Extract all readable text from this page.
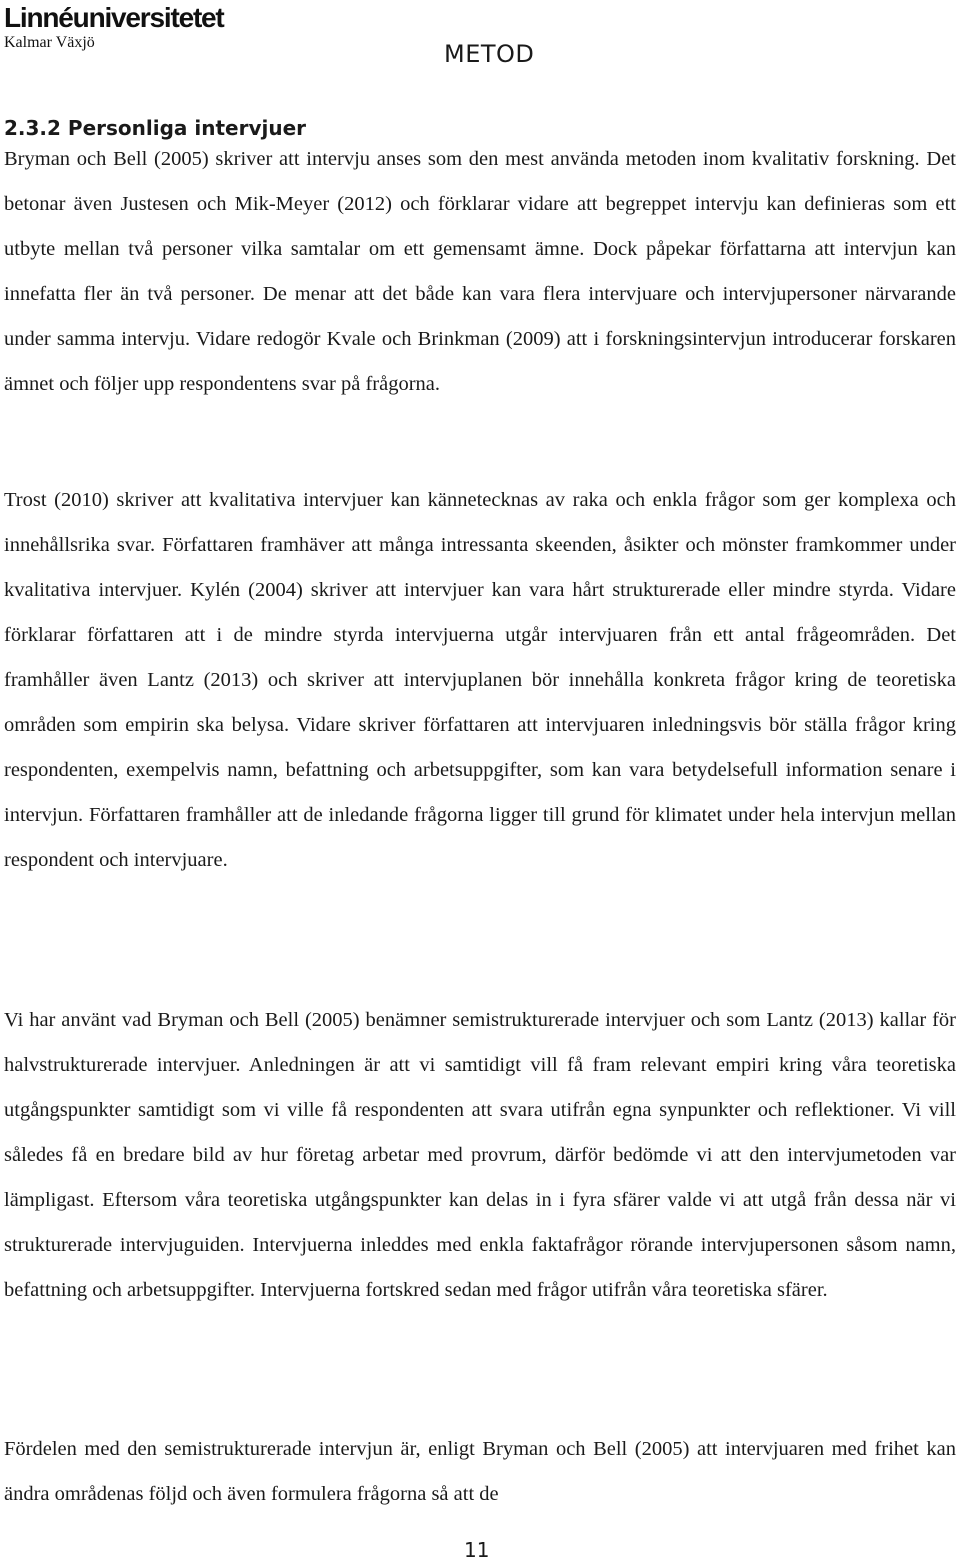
Linnéuniversitetet
Kalmar Växjö	METOD
2.3.2 Personliga intervjuer

Bryman och Bell (2005) skriver att intervju anses som den mest använda metoden inom kvalitativ forskning. Det betonar även Justesen och Mik-Meyer (2012) och förklarar vidare att begreppet intervju kan definieras som ett utbyte mellan två personer vilka samtalar om ett gemensamt ämne. Dock påpekar författarna att intervjun kan innefatta fler än två personer. De menar att det både kan vara flera intervjuare och intervjupersoner närvarande under samma intervju. Vidare redogör Kvale och Brinkman (2009) att i forskningsintervjun introducerar forskaren ämnet och följer upp respondentens svar på frågorna.

Trost (2010) skriver att kvalitativa intervjuer kan kännetecknas av raka och enkla frågor som ger komplexa och innehållsrika svar. Författaren framhäver att många intressanta skeenden, åsikter och mönster framkommer under kvalitativa intervjuer. Kylén (2004) skriver att intervjuer kan vara hårt strukturerade eller mindre styrda. Vidare förklarar författaren att i de mindre styrda intervjuerna utgår intervjuaren från ett antal frågeområden. Det framhåller även Lantz (2013) och skriver att intervjuplanen bör innehålla konkreta frågor kring de teoretiska områden som empirin ska belysa. Vidare skriver författaren att intervjuaren inledningsvis bör ställa frågor kring respondenten, exempelvis namn, befattning och arbetsuppgifter, som kan vara betydelsefull information senare i intervjun. Författaren framhåller att de inledande frågorna ligger till grund för klimatet under hela intervjun mellan respondent och intervjuare.

Vi har använt vad Bryman och Bell (2005) benämner semistrukturerade intervjuer och som Lantz (2013) kallar för halvstrukturerade intervjuer. Anledningen är att vi samtidigt vill få fram relevant empiri kring våra teoretiska utgångspunkter samtidigt som vi ville få respondenten att svara utifrån egna synpunkter och reflektioner. Vi vill således få en bredare bild av hur företag arbetar med provrum, därför bedömde vi att den intervjumetoden var lämpligast. Eftersom våra teoretiska utgångspunkter kan delas in i fyra sfärer valde vi att utgå från dessa när vi strukturerade intervjuguiden. Intervjuerna inleddes med enkla faktafrågor rörande intervjupersonen såsom namn, befattning och arbetsuppgifter. Intervjuerna fortskred sedan med frågor utifrån våra teoretiska sfärer.

Fördelen med den semistrukturerade intervjun är, enligt Bryman och Bell (2005) att intervjuaren med frihet kan ändra områdenas följd och även formulera frågorna så att de

11
